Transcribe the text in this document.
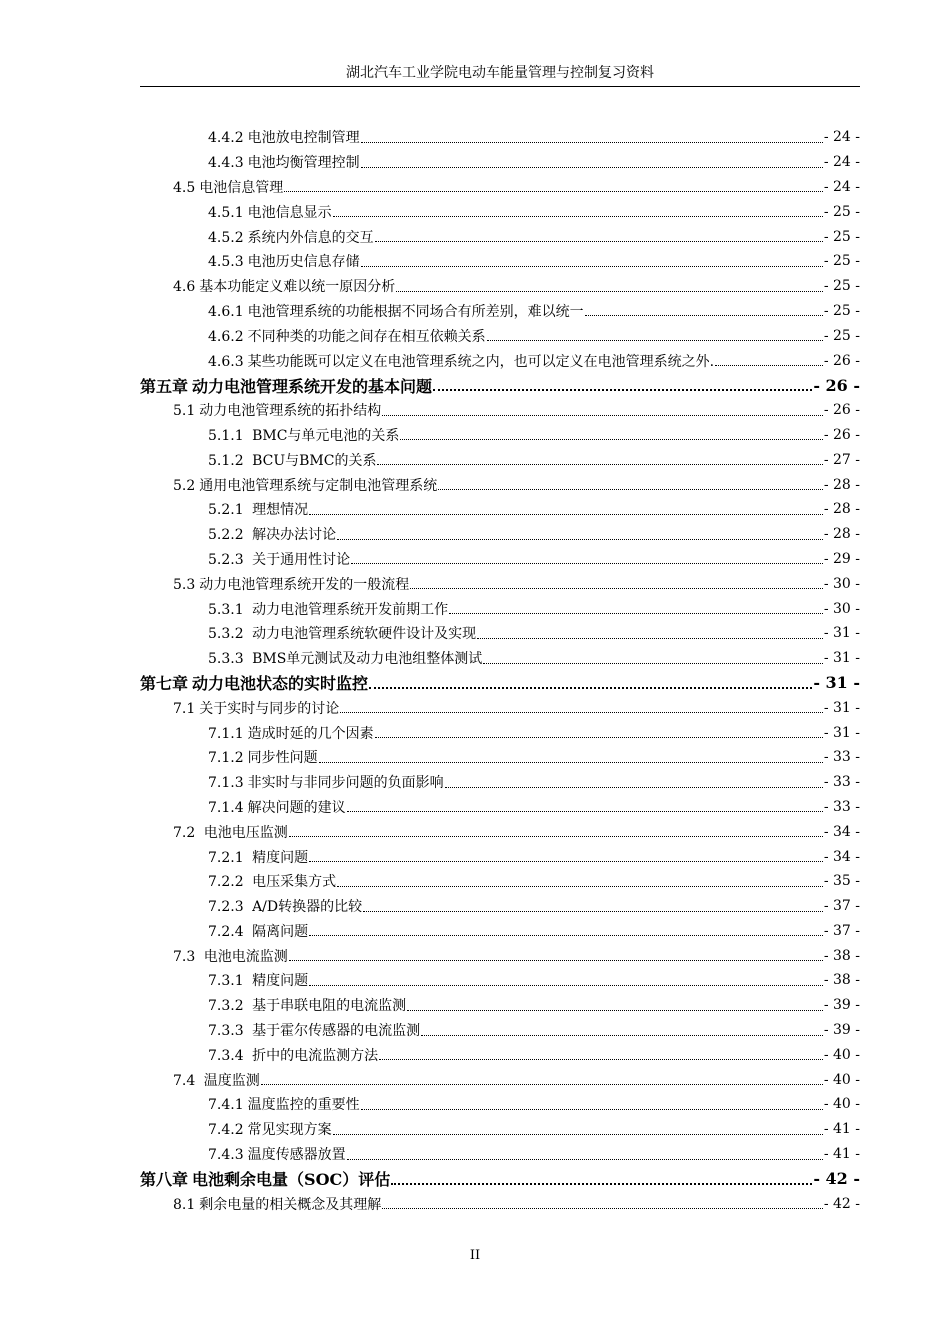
湖北汽车工业学院电动车能量管理与控制复习资料
4.4.2 电池放电控制管理	- 24 -
4.4.3 电池均衡管理控制	- 24 -
4.5 电池信息管理	- 24 -
4.5.1 电池信息显示	- 25 -
4.5.2 系统内外信息的交互	- 25 -
4.5.3 电池历史信息存储	- 25 -
4.6 基本功能定义难以统一原因分析	- 25 -
4.6.1 电池管理系统的功能根据不同场合有所差别，难以统一	- 25 -
4.6.2 不同种类的功能之间存在相互依赖关系	- 25 -
4.6.3 某些功能既可以定义在电池管理系统之内，也可以定义在电池管理系统之外.	- 26 -
第五章 动力电池管理系统开发的基本问题	- 26 -
5.1 动力电池管理系统的拓扑结构	- 26 -
5.1.1 BMC与单元电池的关系	- 26 -
5.1.2 BCU与BMC的关系	- 27 -
5.2 通用电池管理系统与定制电池管理系统	- 28 -
5.2.1 理想情况	- 28 -
5.2.2 解决办法讨论	- 28 -
5.2.3 关于通用性讨论	- 29 -
5.3 动力电池管理系统开发的一般流程	- 30 -
5.3.1 动力电池管理系统开发前期工作	- 30 -
5.3.2 动力电池管理系统软硬件设计及实现	- 31 -
5.3.3 BMS单元测试及动力电池组整体测试	- 31 -
第七章 动力电池状态的实时监控	- 31 -
7.1 关于实时与同步的讨论	- 31 -
7.1.1 造成时延的几个因素	- 31 -
7.1.2 同步性问题	- 33 -
7.1.3 非实时与非同步问题的负面影响	- 33 -
7.1.4 解决问题的建议	- 33 -
7.2 电池电压监测	- 34 -
7.2.1 精度问题	- 34 -
7.2.2 电压采集方式	- 35 -
7.2.3 A/D转换器的比较	- 37 -
7.2.4 隔离问题	- 37 -
7.3 电池电流监测	- 38 -
7.3.1 精度问题	- 38 -
7.3.2 基于串联电阻的电流监测	- 39 -
7.3.3 基于霍尔传感器的电流监测	- 39 -
7.3.4 折中的电流监测方法	- 40 -
7.4 温度监测	- 40 -
7.4.1 温度监控的重要性	- 40 -
7.4.2 常见实现方案	- 41 -
7.4.3 温度传感器放置	- 41 -
第八章 电池剩余电量（SOC）评估	- 42 -
8.1 剩余电量的相关概念及其理解	- 42 -
II
